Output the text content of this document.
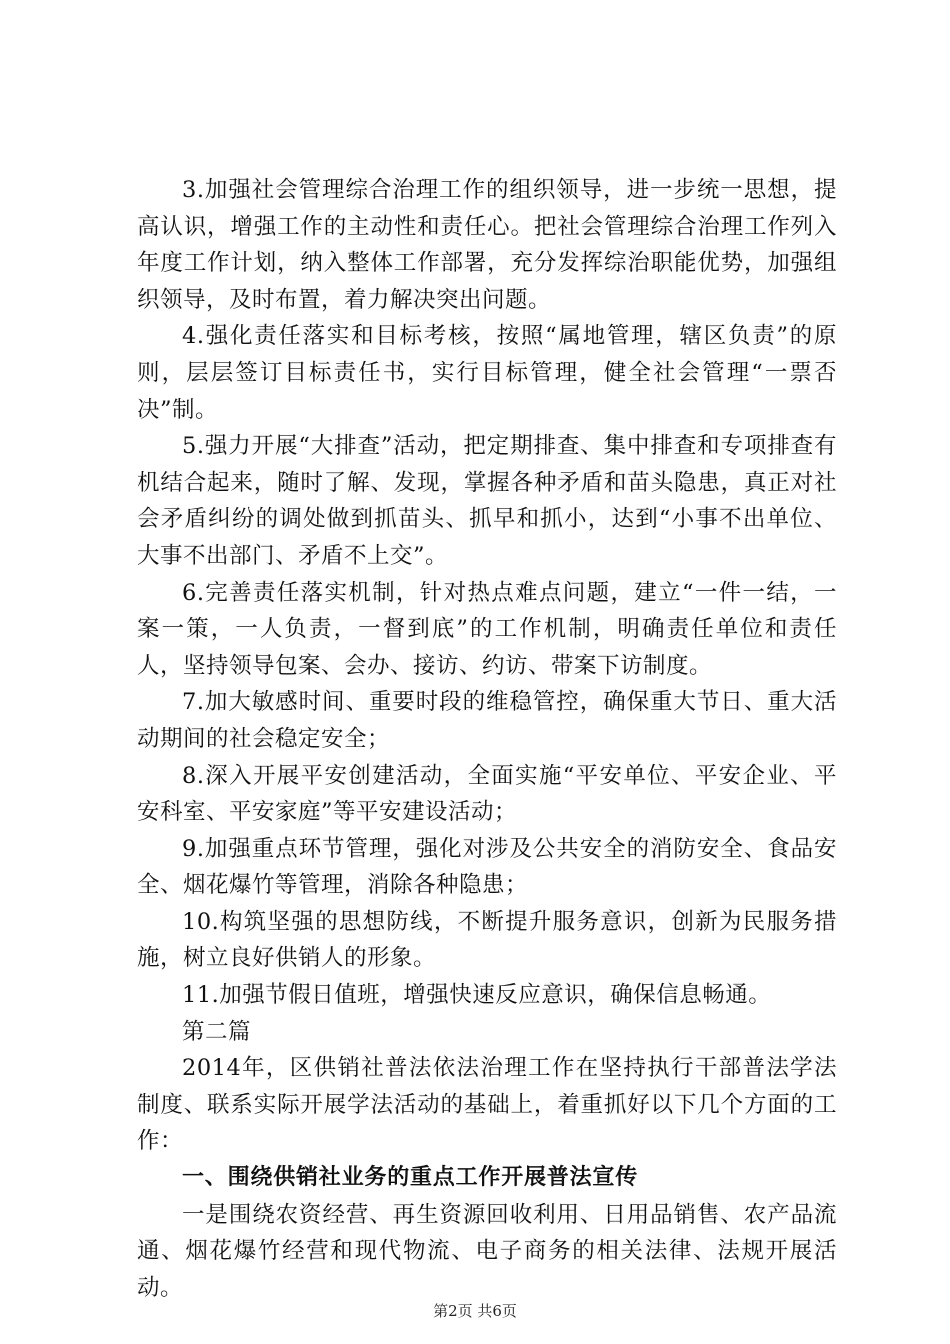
3.加强社会管理综合治理工作的组织领导，进一步统一思想，提高认识，增强工作的主动性和责任心。把社会管理综合治理工作列入年度工作计划，纳入整体工作部署，充分发挥综治职能优势，加强组织领导，及时布置，着力解决突出问题。

4.强化责任落实和目标考核，按照“属地管理，辖区负责”的原则，层层签订目标责任书，实行目标管理，健全社会管理“一票否决”制。

5.强力开展“大排查”活动，把定期排查、集中排查和专项排查有机结合起来，随时了解、发现，掌握各种矛盾和苗头隐患，真正对社会矛盾纠纷的调处做到抓苗头、抓早和抓小，达到“小事不出单位、大事不出部门、矛盾不上交”。

6.完善责任落实机制，针对热点难点问题，建立“一件一结，一案一策，一人负责，一督到底”的工作机制，明确责任单位和责任人，坚持领导包案、会办、接访、约访、带案下访制度。

7.加大敏感时间、重要时段的维稳管控，确保重大节日、重大活动期间的社会稳定安全；

8.深入开展平安创建活动，全面实施“平安单位、平安企业、平安科室、平安家庭”等平安建设活动；

9.加强重点环节管理，强化对涉及公共安全的消防安全、食品安全、烟花爆竹等管理，消除各种隐患；

10.构筑坚强的思想防线，不断提升服务意识，创新为民服务措施，树立良好供销人的形象。

11.加强节假日值班，增强快速反应意识，确保信息畅通。

第二篇

2014年，区供销社普法依法治理工作在坚持执行干部普法学法制度、联系实际开展学法活动的基础上，着重抓好以下几个方面的工作：

一、围绕供销社业务的重点工作开展普法宣传

一是围绕农资经营、再生资源回收利用、日用品销售、农产品流通、烟花爆竹经营和现代物流、电子商务的相关法律、法规开展活动。

第2页 共6页
